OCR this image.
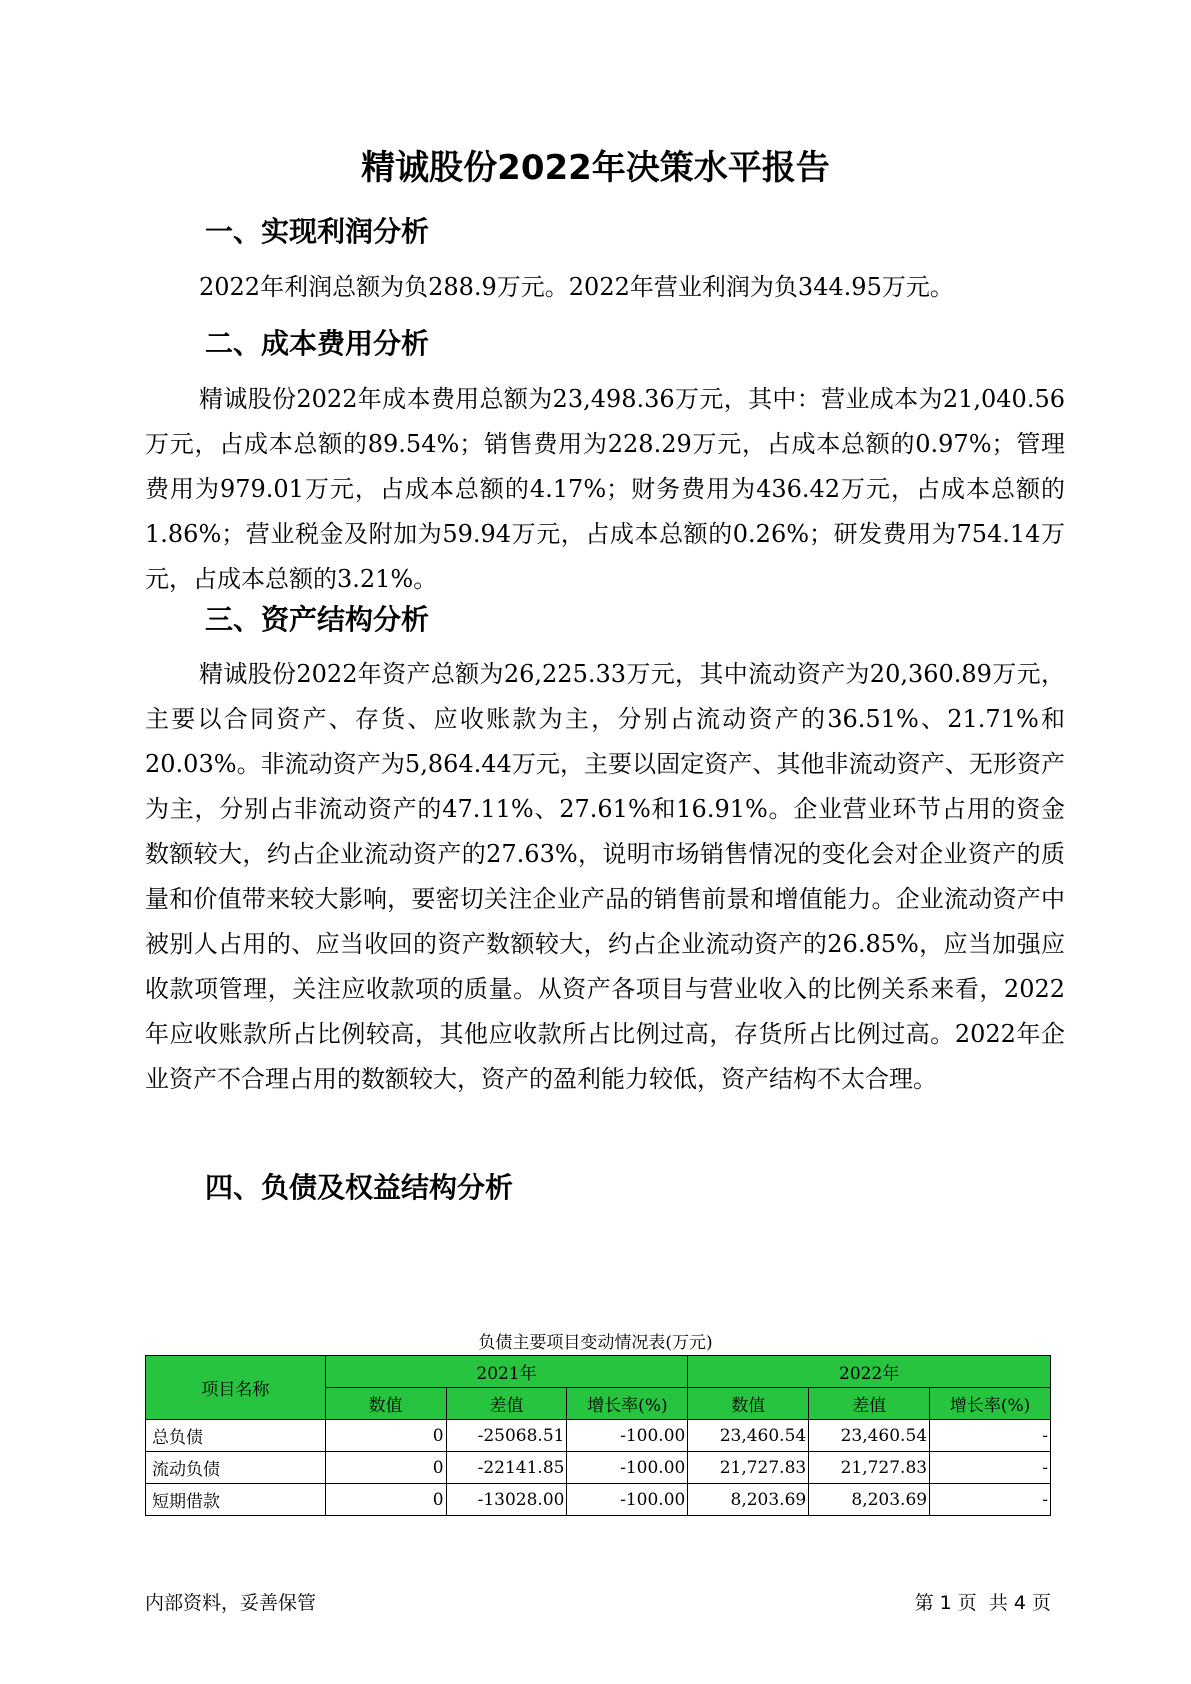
精诚股份2022年决策水平报告
一、实现利润分析
2022年利润总额为负288.9万元。2022年营业利润为负344.95万元。
二、成本费用分析
精诚股份2022年成本费用总额为23,498.36万元，其中：营业成本为21,040.56万元，占成本总额的89.54%；销售费用为228.29万元，占成本总额的0.97%；管理费用为979.01万元，占成本总额的4.17%；财务费用为436.42万元，占成本总额的1.86%；营业税金及附加为59.94万元，占成本总额的0.26%；研发费用为754.14万元，占成本总额的3.21%。
三、资产结构分析
精诚股份2022年资产总额为26,225.33万元，其中流动资产为20,360.89万元，主要以合同资产、存货、应收账款为主，分别占流动资产的36.51%、21.71%和20.03%。非流动资产为5,864.44万元，主要以固定资产、其他非流动资产、无形资产为主，分别占非流动资产的47.11%、27.61%和16.91%。企业营业环节占用的资金数额较大，约占企业流动资产的27.63%，说明市场销售情况的变化会对企业资产的质量和价值带来较大影响，要密切关注企业产品的销售前景和增值能力。企业流动资产中被别人占用的、应当收回的资产数额较大，约占企业流动资产的26.85%，应当加强应收款项管理，关注应收款项的质量。从资产各项目与营业收入的比例关系来看，2022年应收账款所占比例较高，其他应收款所占比例过高，存货所占比例过高。2022年企业资产不合理占用的数额较大，资产的盈利能力较低，资产结构不太合理。
四、负债及权益结构分析
负债主要项目变动情况表(万元)
项目名称	2021年			2022年		
	数值	差值	增长率(%)	数值	差值	增长率(%)
总负债	0	-25068.51	-100.00	23,460.54	23,460.54	-
流动负债	0	-22141.85	-100.00	21,727.83	21,727.83	-
短期借款	0	-13028.00	-100.00	8,203.69	8,203.69	-
内部资料，妥善保管	第 1 页  共 4 页
